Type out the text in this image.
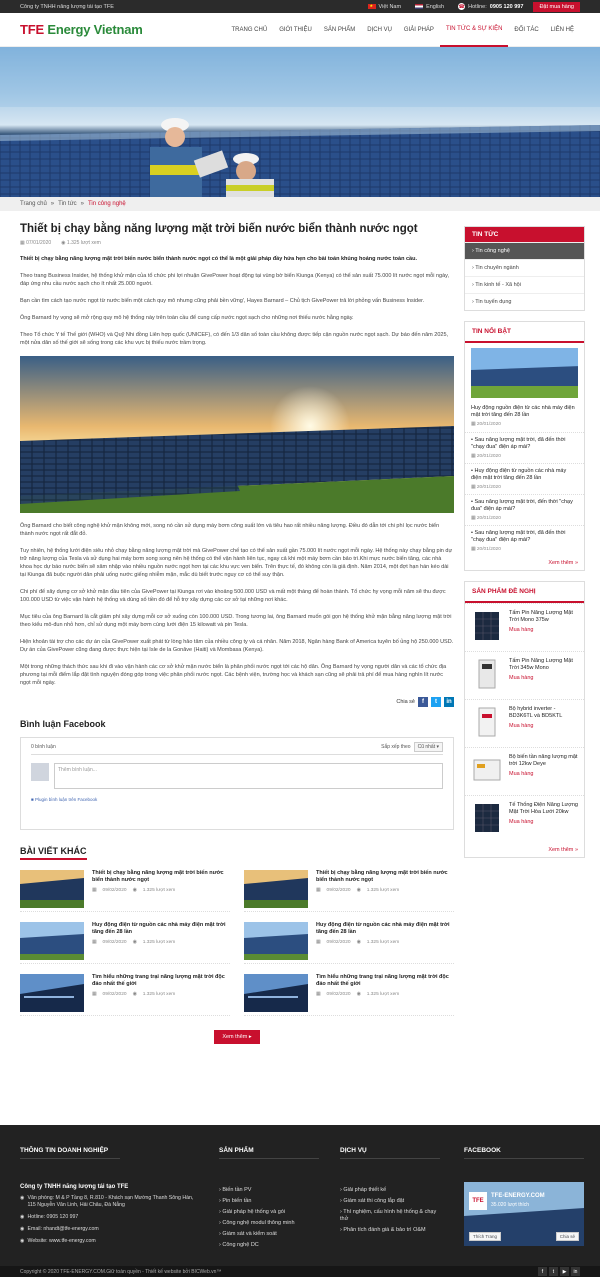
Công ty TNHH năng lượng tái tạo TFE
★	Việt Nam	English	☎ Hotline: 0905 120 997	Đặt mua hàng
TFE Energy Vietnam	TRANG CHỦ	GIỚI THIỆU	SẢN PHẨM	DỊCH VỤ	GIẢI PHÁP	TIN TỨC & SỰ KIỆN	ĐỐI TÁC	LIÊN HỆ
Trang chủ » Tin tức » Tin công nghệ
Thiết bị chạy bằng năng lượng mặt trời biến nước biển thành nước ngọt
▦ 07/01/2020 ◉ 1.325 lượt xem

Thiết bị chạy bằng năng lượng mặt trời biến nước biển thành nước ngọt có thể là một giải pháp đầy hứa hẹn cho bài toán khủng hoảng nước toàn cầu.

Theo trang Business Insider, hệ thống khử mặn của tổ chức phi lợi nhuận GivePower hoạt động tại vùng bờ biển Kiunga (Kenya) có thể sản xuất 75.000 lít nước ngọt mỗi ngày, đáp ứng nhu cầu nước sạch cho ít nhất 25.000 người.

Bạn cần tìm cách tạo nước ngọt từ nước biển một cách quy mô nhưng cũng phải bền vững', Hayes Barnard – Chủ tịch GivePower trả lời phỏng vấn Business Insider.

Ông Barnard hy vọng sẽ mở rộng quy mô hệ thống này trên toàn cầu để cung cấp nước ngọt sạch cho những nơi thiếu nước hằng ngày.

Theo Tổ chức Y tế Thế giới (WHO) và Quỹ Nhi đồng Liên hợp quốc (UNICEF), có đến 1/3 dân số toàn cầu không được tiếp cận nguồn nước ngọt sạch. Dự báo đến năm 2025, một nửa dân số thế giới sẽ sống trong các khu vực bị thiếu nước trầm trọng.

Ông Barnard cho biết công nghệ khử mặn không mới, song nó cần sử dụng máy bơm công suất lớn và tiêu hao rất nhiều năng lượng. Điều đó dẫn tới chi phí lọc nước biển thành nước ngọt rất đắt đỏ.

Tuy nhiên, hệ thống lưới điện siêu nhỏ chạy bằng năng lượng mặt trời mà GivePower chế tạo có thể sản xuất gần 75.000 lít nước ngọt mỗi ngày. Hệ thống này chạy bằng pin dự trữ năng lượng của Tesla và sử dụng hai máy bơm song song nên hệ thống có thể vận hành liên tục, ngay cả khi một máy bơm cần bảo trì.Khi mực nước biển tăng, các nhà khoa học dự báo nước biển sẽ xâm nhập vào nhiều nguồn nước ngọt hơn tại các khu vực ven biển. Trên thực tế, đó không còn là giả định. Năm 2014, một đợt hạn hán kéo dài tại Kiunga đã buộc người dân phải uống nước giếng nhiễm mặn, mắc dù biết trước nguy cơ có thể suy thận.

Chi phí để xây dựng cơ sở khử mặn đầu tiên của GivePower tại Kiunga rơi vào khoảng 500.000 USD và mất một tháng để hoàn thành. Tổ chức hy vọng mỗi năm sẽ thu được 100.000 USD từ việc vận hành hệ thống và dùng số tiền đó để hỗ trợ xây dựng các cơ sở tại những nơi khác.

Mục tiêu của ông Barnard là cắt giảm phí xây dựng mỗi cơ sở xuống còn 100.000 USD. Trong tương lai, ông Barnard muốn gói gọn hệ thống khử mặn bằng năng lượng mặt trời theo kiểu mô-đun nhỏ hơn, chỉ sử dụng một máy bơm cùng lưới điện 15 kilowatt và pin Tesla.

Hiện khoản tài trợ cho các dự án của GivePower xuất phát từ lòng hảo tâm của nhiều công ty và cá nhân. Năm 2018, Ngân hàng Bank of America tuyên bố ủng hộ 250.000 USD. Dự án của GivePower cũng đang được thực hiện tại Isle de la Gonâve (Haiti) và Mombasa (Kenya).

Một trong những thách thức sau khi đi vào vận hành các cơ sở khử mặn nước biển là phân phối nước ngọt tới các hộ dân. Ông Barnard hy vọng người dân và các tổ chức địa phương tại mỗi điểm lắp đặt tình nguyện đóng góp trong việc phân phối nước ngọt. Các bệnh viện, trường học và khách sạn cũng sẽ phải trả phí để mua hàng nghìn lít nước ngọt mỗi ngày.

Chia sẻ	f	t	in
Bình luận Facebook
0 bình luận	Sắp xếp theo Cũ nhất ▾
Thêm bình luận...
■ Plugin bình luận trên Facebook
BÀI VIẾT KHÁC
Thiết bị chạy bằng năng lượng mặt trời biến nước biển thành nước ngọt
▦ 09/02/2020 ◉ 1.325 lượt xem
Thiết bị chạy bằng năng lượng mặt trời biến nước biển thành nước ngọt
▦ 09/02/2020 ◉ 1.325 lượt xem
Huy động điện từ nguồn các nhà máy điện mặt trời tăng đến 28 lần
▦ 09/02/2020 ◉ 1.325 lượt xem
Huy động điện từ nguồn các nhà máy điện mặt trời tăng đến 28 lần
▦ 09/02/2020 ◉ 1.325 lượt xem
Tìm hiểu những trang trại năng lượng mặt trời độc đáo nhất thế giới
▦ 09/02/2020 ◉ 1.325 lượt xem
Tìm hiểu những trang trại năng lượng mặt trời độc đáo nhất thế giới
▦ 09/02/2020 ◉ 1.325 lượt xem
Xem thêm ▸
TIN TỨC
› Tin công nghệ
› Tin chuyên ngành
› Tin kinh tế - Xã hội
› Tin tuyển dụng
TIN NỔI BẬT
Huy động nguồn điện từ các nhà máy điện mặt trời tăng đến 28 lần
▦ 20/01/2020
• Sau năng lượng mặt trời, đã đến thời "chạy đua" điện áp mái?
▦ 20/01/2020
• Huy động điện từ nguồn các nhà máy điện mặt trời tăng đến 28 lần
▦ 20/01/2020
• Sau năng lượng mặt trời, đến thời "chạy đua" điện áp mái?
▦ 20/01/2020
• Sau năng lượng mặt trời, đã đến thời "chạy đua" điện áp mái?
▦ 20/01/2020
Xem thêm »
SẢN PHẨM ĐỀ NGHỊ
Tấm Pin Năng Lượng Mặt Trời Mono 375w
Mua hàng
Tấm Pin Năng Lượng Mặt Trời 345w Mono
Mua hàng
Bộ hybrid inverter - BD3K6TL và BD5KTL
Mua hàng
Bộ biến tần năng lượng mặt trời 12kw Deye
Mua hàng
Tế Thống Điện Năng Lượng Mặt Trời Hòa Lưới 20kw
Mua hàng
Xem thêm »
THÔNG TIN DOANH NGHIỆP
Công ty TNHH năng lượng tái tạo TFE
◉ Văn phòng: M & P Tầng 8, R.810 - Khách sạn Mường Thanh Sông Hàn, 115 Nguyễn Văn Linh, Hải Châu, Đà Nẵng
◉ Hotline: 0905 120 997
◉ Email: nhandt@tfe-energy.com
◉ Website: www.tfe-energy.com
SẢN PHẨM
› Biến tần PV
› Pin biến tần
› Giải pháp hệ thống và gói
› Công nghệ modul thông minh
› Giám sát và kiểm soát
› Công nghệ DC
DỊCH VỤ
› Giải pháp thiết kế
› Giám sát thi công lắp đặt
› Thí nghiệm, cấu hình hệ thống & chạy thử
› Phân tích đánh giá & bảo trì O&M
FACEBOOK
TFE
TFE-ENERGY.COM
35.020 lượt thích
Thích Trang	Chia sẻ
Copyright © 2020 TFE-ENERGY.COM.Giữ toàn quyền - Thiết kế website bởi BICWeb.vn™	f	t	▶	in
